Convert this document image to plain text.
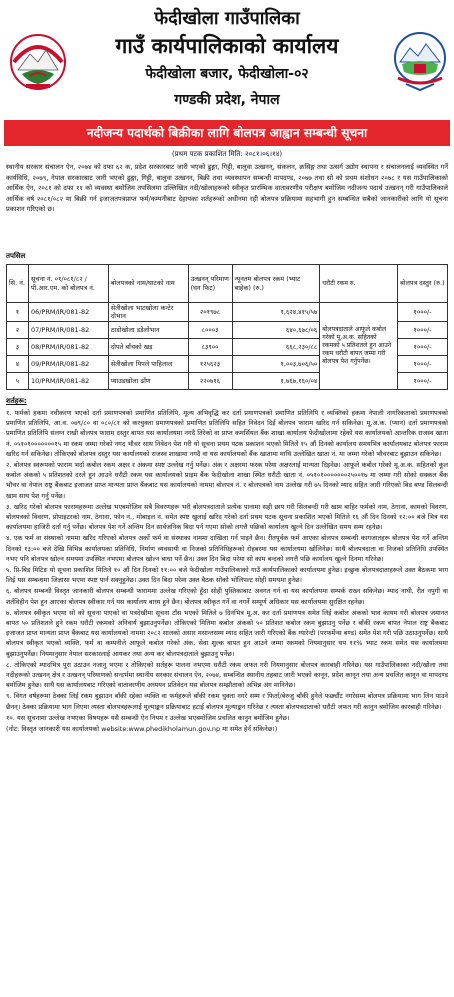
फेदीखोला गाउँपालिका
गाउँ कार्यपालिकाको कार्यालय
फेदीखोला बजार, फेदीखोला-०२
गण्डकी प्रदेश, नेपाल
नदीजन्य पदार्थको बिक्रीका लागि बोलपत्र आह्वान सम्बन्धी सूचना
(प्रथम पटक प्रकाशित मिति: २०८१।०६।१४)

स्थानीय सरकार संचालन ऐन, २०७४ को दफा ६२ क, प्रदेश सरकारबाट जारी भएको ढुङ्गा, गिट्टी, बालुवा उत्खनन्, संकलन, क्रसिङ्ग तथा उत्सर्ग उद्योग स्थापना र संचालनलाई व्यवस्थित गर्ने कार्यविधि, २०७९, नेपाल सरकारबाट जारी भएको ढुङ्गा, गिट्टी, बालुवा उत्खनन, बिक्री तथा व्यवस्थापन सम्बन्धी मापदण्ड, २०७७ तथा सो को प्रथम संशोधन २०७८ र यस गाउँपालिकाको आर्थिक ऐन, २०८१ को दफा ११ को व्यवस्था बमोजिम तपसिलमा उल्लिखित नदी/खोलाहरूको स्वीकृत प्रारम्भिक वातावरणीय परीक्षण बमोजिम नदीजन्य पदार्थ उत्खनन् गरी गाउँपालिकाले आर्थिक वर्ष २०८१/०८२ मा बिक्री गर्न इजाजतपत्रप्राप्त फर्म/कम्पनीबाट देहायका शर्तहरूको अधीनमा रही बोलपत्र प्रक्रियामा सहभागी हुन सम्बन्धित सबैको जानकारीको लागि यो सूचना प्रकाशन गरिएको छ।

तपसिल
सि. नं.	सूचना नं. ०१/०८१/८२ /पी.आर.एम. को बोलपत्र नं.	बोलपत्रको नाम/घाटको नाम	उत्खनन् परिमाण (घन फिट)	न्यूनतम बोलपत्र रकम (भ्याट बाहेक) (रु.)	धरौटी रकम रु.	बोलपत्र दस्तुर (रु.)
१	06/PRM/IR/081-82	सेतीखोला भाटखोला कन्टेर दोभान	२०१९७८	१,६२४,४१५/५७	बोलपत्रदाताले आफूले कबोल गरेको मू.अ.क. सहितको रकमको ५ प्रतिशतले हुन आउने रकम धरौटी बापत जम्मा गरी बोलपत्र पेश गर्नुपर्नेछ।	१०००/-
२	07/PRM/IR/081-82	ठाडोखोला डडेलोभान	८०००३	६४०,६७८/०६		१०००/-
३	08/PRM/IR/081-82	दोपते बाँचको खड	८३९००	६६८,२३०/८८		१०००/-
४	09/PRM/IR/081-82	सेतीखोला पिपले पाहिलाल	१२५६२३	१,००३,७०६/५०		१०००/-
५	10/PRM/IR/081-82	प्याउडखोला ढाँण	२२०७१६	१,७६७,१६०/०४		१०००/-
शर्तहरू:

१. फर्मको हकमा नवीकरण भएको दर्ता प्रमाणपत्रको प्रमाणित प्रतिलिपि, मूल्य अभिवृद्धि कर दर्ता प्रमाणपत्रको प्रमाणित प्रतिलिपि र व्यक्तिको हकमा नेपाली नागरिकताको प्रमाणपत्रको प्रमाणित प्रतिलिपि, आ.व. ०७९/८० वा ०८०/८१ को करचुक्ता प्रमाणपत्रको प्रमाणित प्रतिलिपि सहित निवेदन दिई बोलपत्र फाराम खरिद गर्न सकिनेछ। मू.अ.क. (प्यान) दर्ता प्रमाणपत्रको प्रमाणित प्रतिलिपि संलग्न राखी बोलपत्र फाराम दस्तुर बापत यस कार्यालयमा नगदै तिरेको वा प्राप्त कमर्सियल बैंक शाखा कार्यालय फेदीखोलामा रहेको यस कार्यालयको आन्तरिक राजस्व खाता नं. ०५१०१०००००००१५ मा रकम जम्मा गरेको नगद भौचर साथ निवेदन पेश गरी यो सूचना प्रथम पटक प्रकाशन भएको मितिले १५ औं दिनको कार्यालय समयभित्र कार्यालयबाट बोलपत्र फाराम खरिद गर्न सकिनेछ। तोकिएको बोलपत्र दस्तुर यस कार्यालयको राजस्व शाखामा नगदै वा यस कार्यालयको बैंक खातामा माथि उल्लेखित खाता नं. मा जम्मा गरेको भौचरबाट बुझाउन सकिनेछ।

२. बोलपत्र स्वरूपको फाराम भर्दा कबोल रकम अक्षर र अंकमा स्पष्ट उल्लेख गर्नु पर्नेछ। अंक र अक्षरमा फरक परेमा अक्षरलाई मान्यता दिइनेछ। आफूले कबोल गरेको मू.अ.क. सहितको कूल कबोल अंकको ५ प्रतिशतको दरले हुन आउने धरौटी रकम यस कार्यालयको प्राइम बैंक फेदीखोला शाखा स्थित धरौटी खाता नं. ०५१०१०००००००२५००१७ मा जम्मा गरी सोको सक्कल बैंक भौचर वा नेपाल राष्ट्र बैंकबाट इजाजत प्राप्त मान्यता प्राप्त बैंकबाट यस कार्यालयको नाममा बोलपत्र नं. र बोलपत्रको नाम उल्लेख गरी ७५ दिनको म्याद सहित जारी गरिएको बिड बण्ड सिलबन्दी खाम साथ पेश गर्नु पर्नेछ।

३. खरिद गरेको बोलपत्र फारामहरूमा उल्लेख भएबमोजिम सबै विवरणहरू भरी बोलपत्रदाताले प्रत्येक पानामा सही छाप गरी सिलबन्दी गरी खाम बाहिर फर्मको नाम, ठेगाना, कामको विवरण, बोलपत्रको विवरण, प्रोपाइटरको नाम, ठेगाना, फोन नं., मोबाइल नं. समेत स्पष्ट खुलाई खरिद गरेको दर्ता प्रथम पटक सूचना प्रकाशित भएको मितिले १६ औं दिन दिनको १२:०० बजे भित्र यस कार्यालयमा हाजिरी दर्ता गर्नु पर्नेछ। बोलपत्र पेश गर्ने अन्तिम दिन सार्वजनिक बिदा पर्न गएमा सोको लगत्तै पछिको कार्यालय खुल्ने दिन उल्लेखित समय सम्म रहनेछ।

४. एक फर्म वा संस्थाको नाममा खरिद गरिएको बोलपत्र अर्को फर्म वा संस्थाका नाममा दाखिला गर्न पाइने छैन। रीतपूर्वक फर्म आएका बोलपत्र सम्बन्धी कागजातहरू बोलपत्र पेश गर्ने अन्तिम दिनको १३:०० बजे देखि विभिन्न कार्यालयका प्रतिनिधि, निर्माण व्यवसायी वा निजको प्रतिनिधिहरूको रोहबरमा यस कार्यालयमा खोलिनेछ। साथै बोलपत्रदाता वा निजको प्रतिनिधि उपस्थित नभए पनि बोलपत्र खोल्न समयमा उपस्थित नभएमा बोलपत्र खोल्न बाधा पर्ने छैन। उक्त दिन बिदा परेमा सो काम बन्दको लगत्तै पछि कार्यालय खुल्ने दिनमा गरिनेछ।

५. प्रि-बिड मिटिङ यो सूचना प्रकाशित मितिले १० औं दिन दिनको ११:०० बजे फेदीखोला गाउँपालिकाको गाउँ कार्यपालिकाको कार्यालयमा हुनेछ। इच्छुक बोलपत्रदाताहरूले उक्त बैठकमा भाग लिई यस सम्बन्धमा जिज्ञासा भएमा स्पष्ट पार्न सक्नुहुनेछ। उक्त दिन बिदा परेमा उक्त बैठक सोको भोलिपल्ट सोही समयमा हुनेछ।

६. बोलपत्र सम्बन्धी विस्तृत जानकारी बोलपत्र सम्बन्धी फाराममा उल्लेख गरिएको हुँदा सोही पुस्तिकाबाट अवगत गर्न वा यस कार्यालयमा सम्पर्क राख्न सकिनेछ। म्याद नाघी, रीत नपुगी वा शर्तविहीन पेश हुन आएका बोलपत्र स्वीकार गर्न यस कार्यालय बाध्य हुने छैन। बोलपत्र स्वीकृत गर्ने वा नगर्ने सम्पूर्ण अधिकार यस कार्यालयमा सुरक्षित रहनेछ।

७. बोलपत्र स्वीकृत भएमा सो को सूचना पाएको वा पत्रदेखीमा सूचना टाँस भएको मितिले ७ दिनभित्र मू.अ. कर दर्ता प्रमाणपत्र समेत लिई कबोल अंकको भाव कायम गरी बोलपत्र जमानत बापत ५० प्रतिशतले हुने रकम धरौटी रकमको अनिवार्य बुझाउनुपर्नेछ। तोकिएको मितिमा कबोल अंकको ५० प्रतिशत कबोल रकम बुझाउनु पर्नेछ र बाँकी रकम बापत नेपाल राष्ट्र बैंकबाट इजाजत प्राप्त मान्यता प्राप्त बैंकबाट यस कार्यालयको नाममा २०८२ सालको असार मसान्तसम्म म्याद सहित जारी गरिएको बैंक ग्यारेन्टी (परफर्मेन्स बण्ड) समेत पेश गरी पछि उठाउनुपर्नेछ। साथै बोलपत्र स्वीकृत भएको व्यक्ति, फर्म वा कम्पनीले आफूले कबोल गरेको अंक, सेवा शुल्क बापत हुन आउने जम्मा रकमको नियमानुसार थप ११% भ्याट रकम समेत यस कार्यालयमा बुझाउनुपर्नेछ। नियमानुसार नेपाल सरकारलाई आयकर तथा अन्य कर बोलपत्रदाताले बुझाउनु पर्नेछ।

८. तोकिएको म्यादभित्र पुरा उठाउन नजानु भएमा र तोकिएको सर्तहरू पालना नभएमा धरौटी रकम जफत गरी नियमानुसार बोलपत्र कारबाही गरिनेछ। यस गाउँपालिकाका नदी/खोला तथा नदीहरूको उत्खनन् क्षेत्र र उत्खनन् परिमाणको सन्दर्भमा स्थानीय सरकार संचालन ऐन, २०७४, सम्बन्धित स्थानीय तहबाट जारी भएको कानून, प्रदेश कानून तथा अन्य प्रचलित कानून वा मापदण्ड बमोजिम हुनेछ। साथै यस कार्यालयबाट गरिएको वातावरणीय अध्ययन प्रतिवेदन यस बोलपत्र सम्झौताको अभिन्न अंग मानिनेछ।

९. विगत वर्षहरूमा ठेक्का लिई रकम बुझाउन बाँकी रहेका व्यक्ति वा फर्महरूले बाँकी रकम चुक्ता नगरे सम्म र फिर्ता/बेरुजु बाँकी हुनेले फर्छ्यौट नगरेसम्म बोलपत्र प्रक्रियामा भाग लिन पाउने छैनन्। ठेक्का प्रक्रियामा भाग लिएमा त्यस्ता बोलपत्रहरूलाई मूल्याङ्कन प्रक्रियाबाट हटाई बोलपत्र मूल्याङ्कन गरिनेछ र त्यस्ता बोलपत्रदाताको धरौटी जफत गरी कानुन बमोजिम कारबाही गरिनेछ।

१०. यस सूचनामा उल्लेख नभएका विषयहरू यसै सम्बन्धी ऐन नियम र उल्लेख भएबमोजिम प्रचलित कानुन बमोजिम हुनेछ।

(नोट: विस्तृत जानकारी यस कार्यालयको website:www.phedikholamun.gov.np मा समेत हेर्न सकिनेछ।)
